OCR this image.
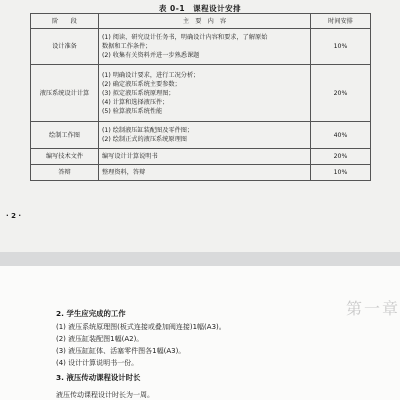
表 0-1　课程设计安排
阶　　段	主　要　内　容	时间安排
设计准备	(1) 阅读、研究设计任务书，明确设计内容和要求，了解原始
数据和工作条件；
(2) 收集有关资料并进一步熟悉课题	10%
液压系统设计计算	(1) 明确设计要求，进行工况分析；
(2) 确定液压系统主要参数；
(3) 拟定液压系统原理图；
(4) 计算和选择液压件；
(5) 验算液压系统性能	20%
绘制工作图	(1) 绘制液压缸装配图及零件图；
(2) 绘制正式的液压系统原理图	40%
编写技术文件	编写设计计算说明书	20%
答辩	整理资料，答辩	10%
· 2 ·
第一章
2. 学生应完成的工作
(1) 液压系统原理图(板式连接或叠加阀连接)1幅(A3)。
(2) 液压缸装配图1幅(A2)。
(3) 液压缸缸体、活塞零件图各1幅(A3)。
(4) 设计计算说明书一份。
3. 液压传动课程设计时长
液压传动课程设计时长为一周。
